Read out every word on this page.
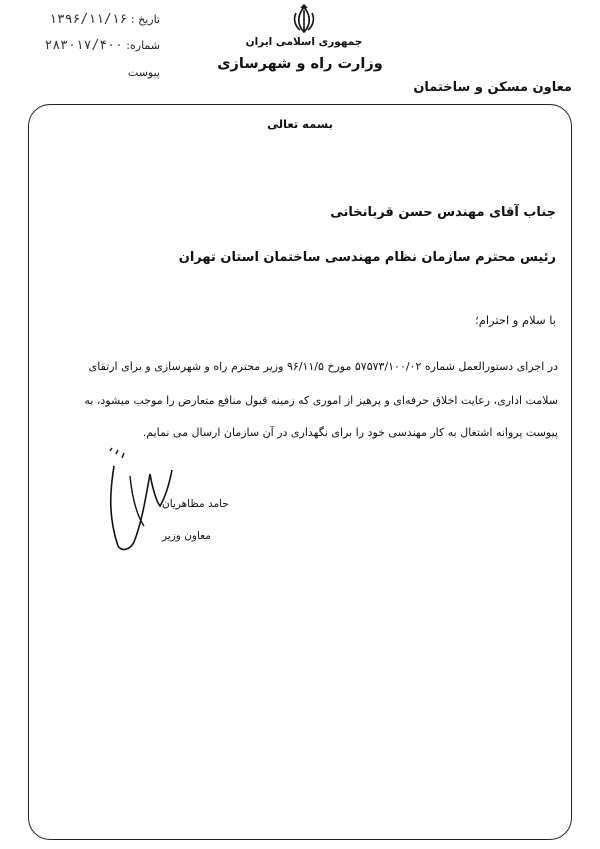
تاریخ : ۱۳۹۶/۱۱/۱۶
شماره: ۲۸۳۰۱۷/۴۰۰
پیوست
جمهوری اسلامی ایران
وزارت راه و شهرسازی
معاون مسکن و ساختمان
بسمه تعالی
جناب آقای مهندس حسن قربانخانی
رئیس محترم سازمان نظام مهندسی ساختمان استان تهران
با سلام و احترام؛
در اجرای دستورالعمل شماره ۵۷۵۷۳/۱۰۰/۰۲ مورخ ۹۶/۱۱/۵ وزیر محترم راه و شهرسازی و برای ارتقای
سلامت اداری، رعایت اخلاق حرفه‌ای و پرهیز از اموری که زمینه قبول منافع متعارض را موجب میشود، به
پیوست پروانه اشتغال به کار مهندسی خود را برای نگهداری در آن سازمان ارسال می نمایم.
حامد مظاهریان
معاون وزیر
